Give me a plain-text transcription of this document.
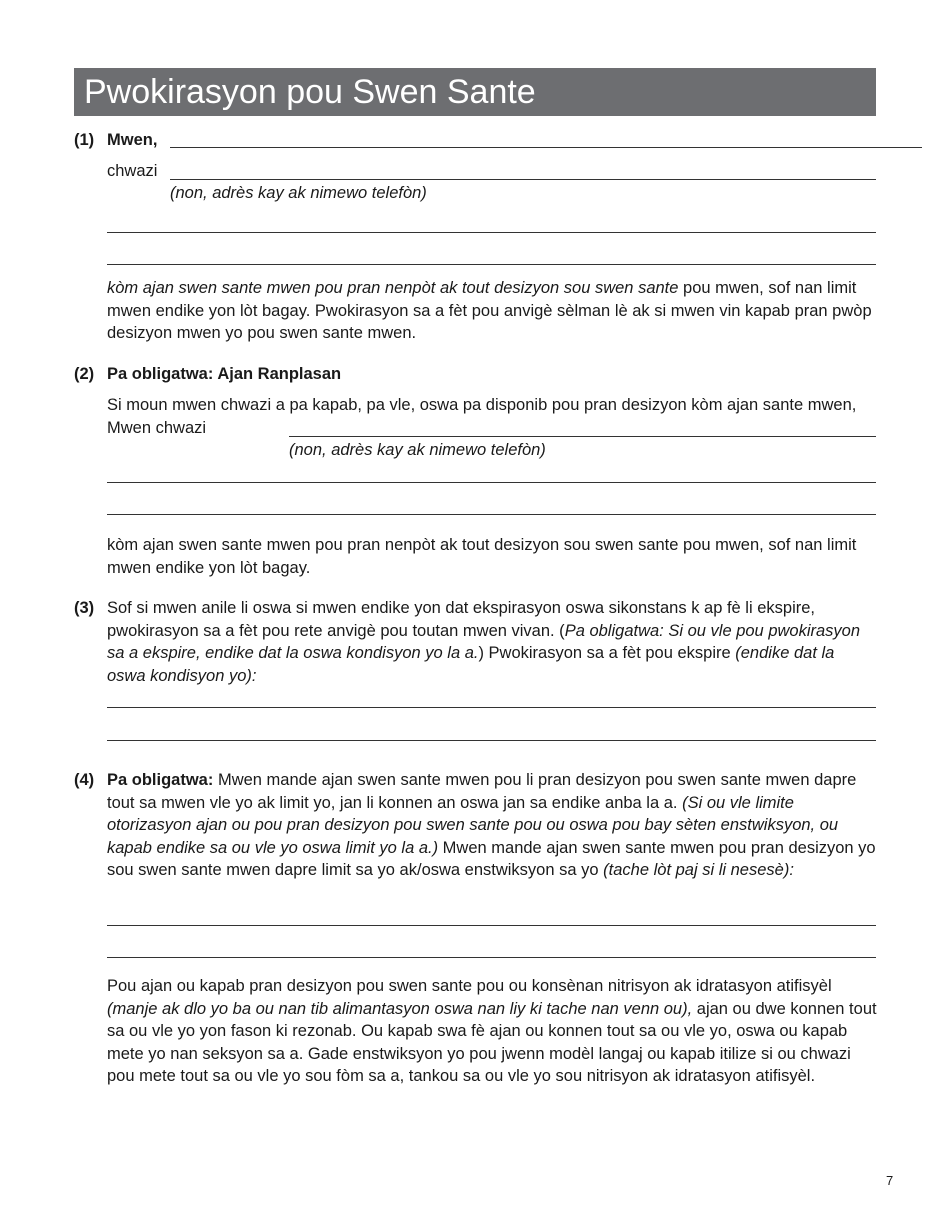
Pwokirasyon pou Swen Sante
(1) Mwen,
chwazi
(non, adrès kay ak nimewo telefòn)

kòm ajan swen sante mwen pou pran nenpòt ak tout desizyon sou swen sante pou mwen, sof nan limit mwen endike yon lòt bagay. Pwokirasyon sa a fèt pou anvigè sèlman lè ak si mwen vin kapab pran pwòp desizyon mwen yo pou swen sante mwen.

(2) Pa obligatwa: Ajan Ranplasan

Si moun mwen chwazi a pa kapab, pa vle, oswa pa disponib pou pran desizyon kòm ajan sante mwen, Mwen chwazi

(non, adrès kay ak nimewo telefòn)

kòm ajan swen sante mwen pou pran nenpòt ak tout desizyon sou swen sante pou mwen, sof nan limit mwen endike yon lòt bagay.

(3) Sof si mwen anile li oswa si mwen endike yon dat ekspirasyon oswa sikonstans k ap fè li ekspire, pwokirasyon sa a fèt pou rete anvigè pou toutan mwen vivan. (Pa obligatwa: Si ou vle pou pwokirasyon sa a ekspire, endike dat la oswa kondisyon yo la a.) Pwokirasyon sa a fèt pou ekspire (endike dat la oswa kondisyon yo):

(4) Pa obligatwa: Mwen mande ajan swen sante mwen pou li pran desizyon pou swen sante mwen dapre tout sa mwen vle yo ak limit yo, jan li konnen an oswa jan sa endike anba la a. (Si ou vle limite otorizasyon ajan ou pou pran desizyon pou swen sante pou ou oswa pou bay sèten enstwiksyon, ou kapab endike sa ou vle yo oswa limit yo la a.) Mwen mande ajan swen sante mwen pou pran desizyon yo sou swen sante mwen dapre limit sa yo ak/oswa enstwiksyon sa yo (tache lòt paj si li nesesè):

Pou ajan ou kapab pran desizyon pou swen sante pou ou konsènan nitrisyon ak idratasyon atifisyèl (manje ak dlo yo ba ou nan tib alimantasyon oswa nan liy ki tache nan venn ou), ajan ou dwe konnen tout sa ou vle yo yon fason ki rezonab. Ou kapab swa fè ajan ou konnen tout sa ou vle yo, oswa ou kapab mete yo nan seksyon sa a. Gade enstwiksyon yo pou jwenn modèl langaj ou kapab itilize si ou chwazi pou mete tout sa ou vle yo sou fòm sa a, tankou sa ou vle yo sou nitrisyon ak idratasyon atifisyèl.

7
